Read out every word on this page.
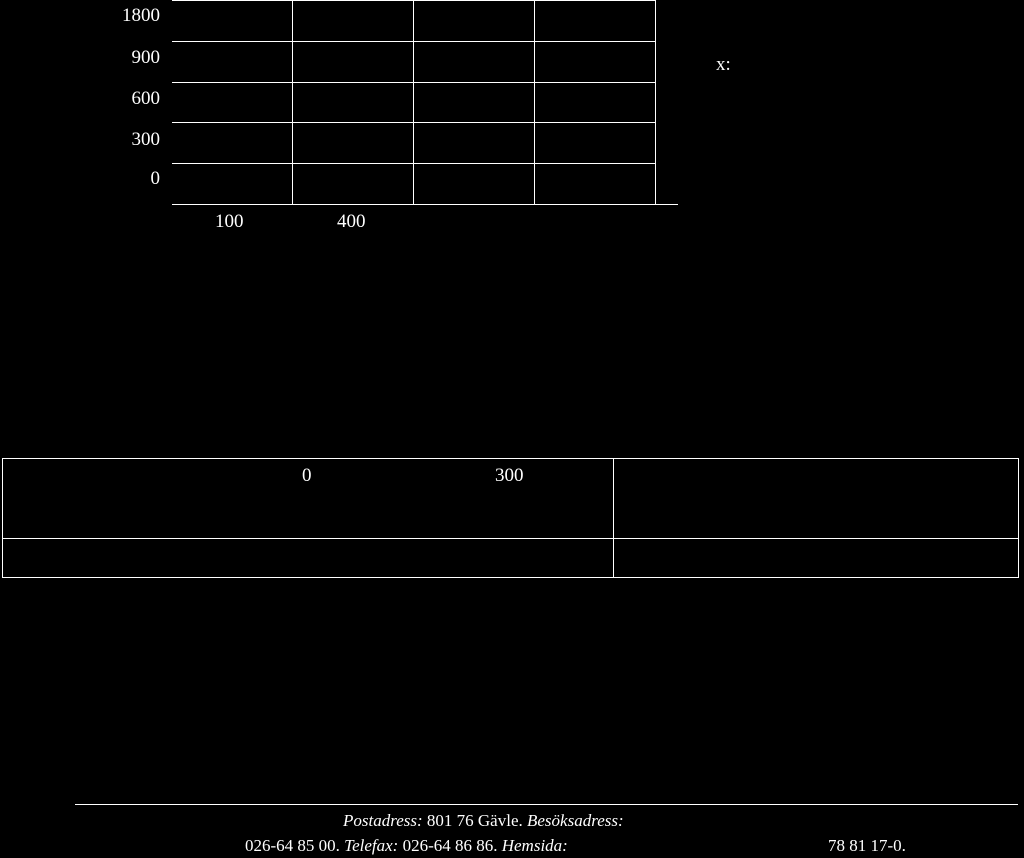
1800
900
600
300
0
100	400
x:
0	300
Postadress: 801 76 Gävle. Besöksadress:
026-64 85 00. Telefax: 026-64 86 86. Hemsida:	78 81 17-0.
